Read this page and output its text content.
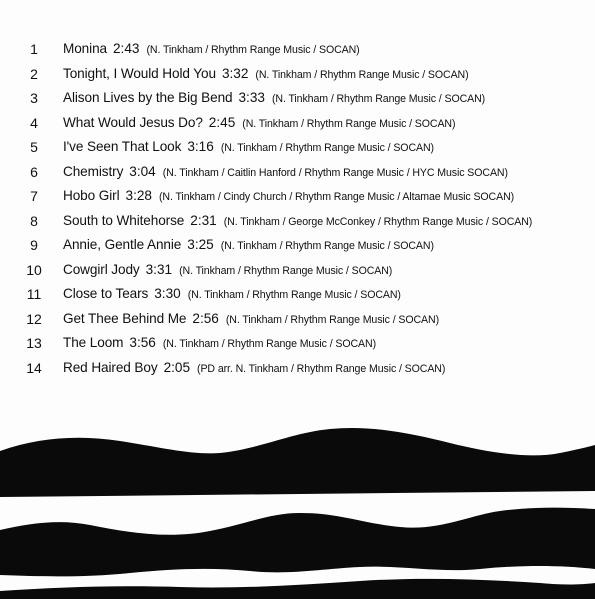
1	Monina 2:43 (N. Tinkham / Rhythm Range Music / SOCAN)
2	Tonight, I Would Hold You 3:32 (N. Tinkham / Rhythm Range Music / SOCAN)
3	Alison Lives by the Big Bend 3:33 (N. Tinkham / Rhythm Range Music / SOCAN)
4	What Would Jesus Do? 2:45 (N. Tinkham / Rhythm Range Music / SOCAN)
5	I've Seen That Look 3:16 (N. Tinkham / Rhythm Range Music / SOCAN)
6	Chemistry 3:04 (N. Tinkham / Caitlin Hanford / Rhythm Range Music / HYC Music SOCAN)
7	Hobo Girl 3:28 (N. Tinkham / Cindy Church / Rhythm Range Music / Altamae Music SOCAN)
8	South to Whitehorse 2:31 (N. Tinkham / George McConkey / Rhythm Range Music / SOCAN)
9	Annie, Gentle Annie 3:25 (N. Tinkham / Rhythm Range Music / SOCAN)
10	Cowgirl Jody 3:31 (N. Tinkham / Rhythm Range Music / SOCAN)
11	Close to Tears 3:30 (N. Tinkham / Rhythm Range Music / SOCAN)
12	Get Thee Behind Me 2:56 (N. Tinkham / Rhythm Range Music / SOCAN)
13	The Loom 3:56 (N. Tinkham / Rhythm Range Music / SOCAN)
14	Red Haired Boy 2:05 (PD arr. N. Tinkham / Rhythm Range Music / SOCAN)
